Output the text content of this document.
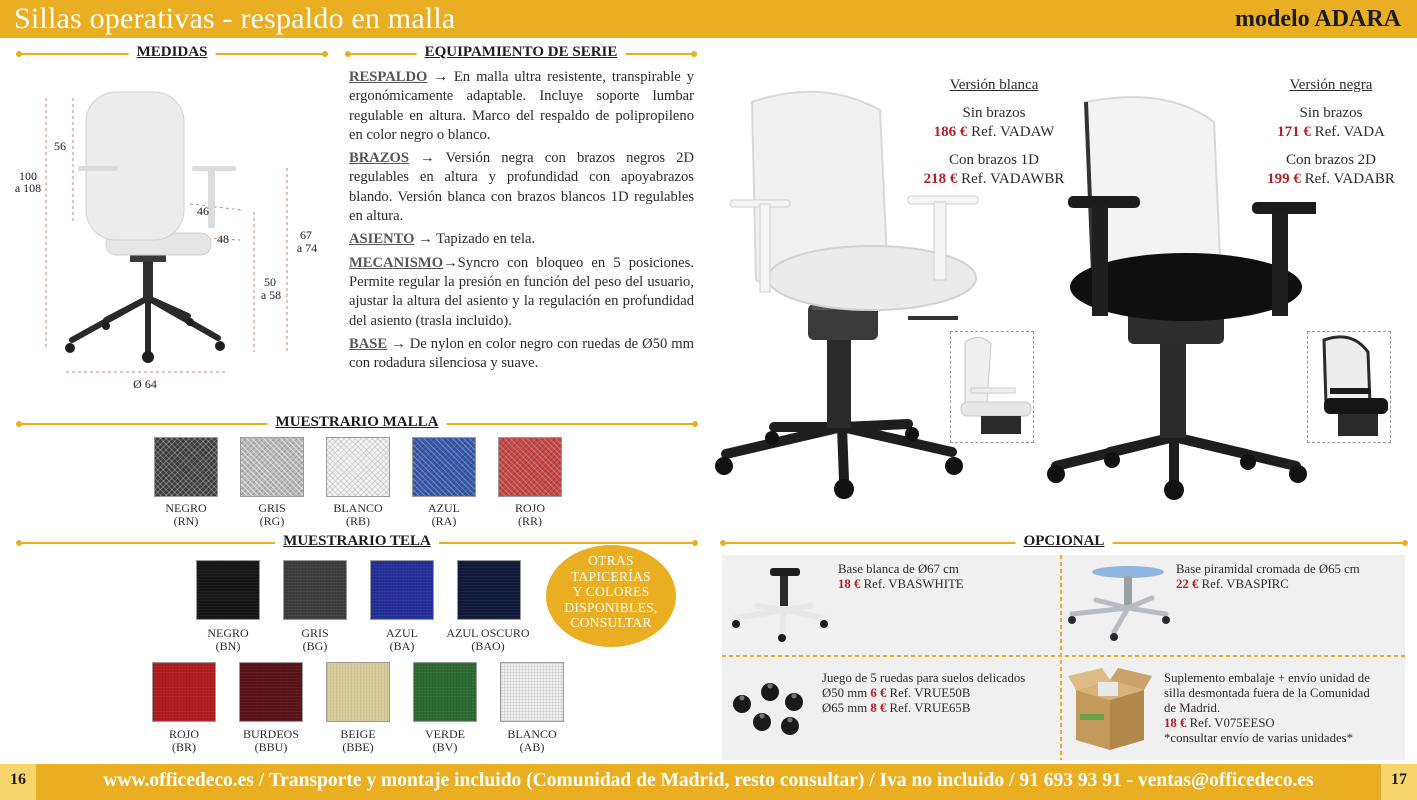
Sillas operativas - respaldo en malla	modelo ADARA
MEDIDAS
56
100
a 108
46
48	67
a 74
50
a 58
Ø 64
EQUIPAMIENTO DE SERIE

RESPALDO → En malla ultra resistente, transpirable y ergonómicamente adaptable. Incluye soporte lumbar regulable en altura. Marco del respaldo de polipropileno en color negro o blanco.

BRAZOS → Versión negra con brazos negros 2D regulables en altura y profundidad con apoyabrazos blando. Versión blanca con brazos blancos 1D regulables en altura.

ASIENTO → Tapizado en tela.

MECANISMO→Syncro con bloqueo en 5 posiciones. Permite regular la presión en función del peso del usuario, ajustar la altura del asiento y la regulación en profundidad del asiento (trasla incluido).

BASE → De nylon en color negro con ruedas de Ø50 mm con rodadura silenciosa y suave.

MUESTRARIO MALLA
NEGRO
(RN)
GRIS
(RG)
BLANCO
(RB)
AZUL
(RA)
ROJO
(RR)
MUESTRARIO TELA
NEGRO
(BN)
GRIS
(BG)
AZUL
(BA)
AZUL OSCURO
(BAO)
ROJO
(BR)
BURDEOS
(BBU)
BEIGE
(BBE)
VERDE
(BV)
BLANCO
(AB)
OTRAS
TAPICERÍAS
Y COLORES
DISPONIBLES,
CONSULTAR
Versión blanca
Sin brazos
186 € Ref. VADAW
Con brazos 1D
218 € Ref. VADAWBR
Versión negra
Sin brazos
171 € Ref. VADA
Con brazos 2D
199 € Ref. VADABR
OPCIONAL
Base blanca de Ø67 cm
18 € Ref. VBASWHITE
Base piramidal cromada de Ø65 cm
22 € Ref. VBASPIRC
Juego de 5 ruedas para suelos delicados
Ø50 mm 6 € Ref. VRUE50B
Ø65 mm 8 € Ref. VRUE65B
Suplemento embalaje + envío unidad de
silla desmontada fuera de la Comunidad
de Madrid.
18 € Ref. V075EESO
*consultar envío de varias unidades*
16	17
www.officedeco.es / Transporte y montaje incluido (Comunidad de Madrid, resto consultar) / Iva no incluido / 91 693 93 91 - ventas@officedeco.es
